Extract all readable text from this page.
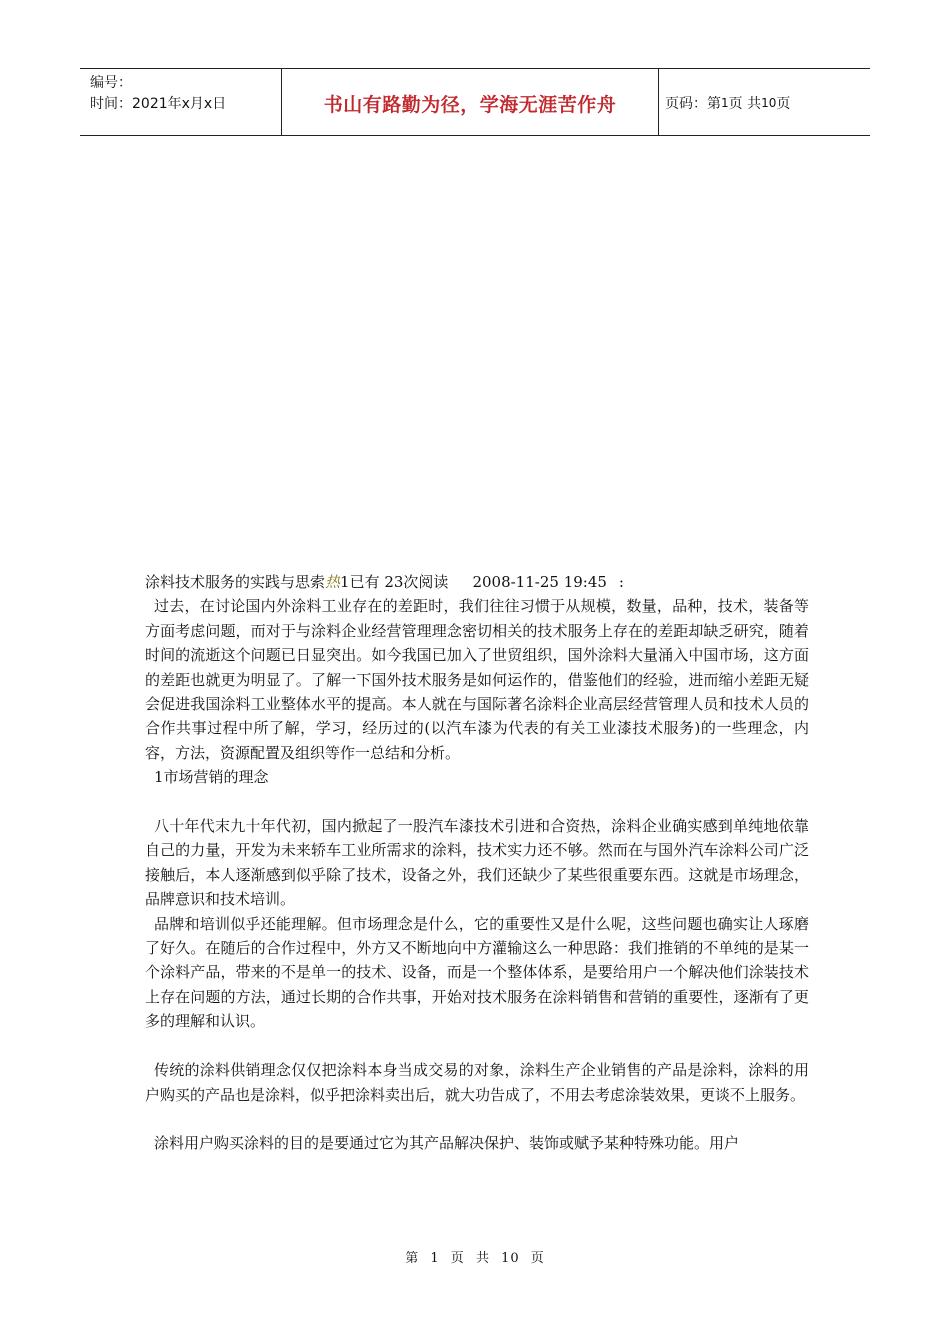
编号：
时间：2021年x月x日	书山有路勤为径，学海无涯苦作舟	页码：第 1 页 共 10 页

涂料技术服务的实践与思索热1已有 23次阅读 2008-11-25 19:45 :

过去，在讨论国内外涂料工业存在的差距时，我们往往习惯于从规模，数量，品种，技术，装备等方面考虑问题，而对于与涂料企业经营管理理念密切相关的技术服务上存在的差距却缺乏研究，随着时间的流逝这个问题已日显突出。如今我国已加入了世贸组织，国外涂料大量涌入中国市场，这方面的差距也就更为明显了。了解一下国外技术服务是如何运作的，借鉴他们的经验，进而缩小差距无疑会促进我国涂料工业整体水平的提高。本人就在与国际著名涂料企业高层经营管理人员和技术人员的合作共事过程中所了解，学习，经历过的(以汽车漆为代表的有关工业漆技术服务)的一些理念，内容，方法，资源配置及组织等作一总结和分析。

1市场营销的理念

八十年代末九十年代初，国内掀起了一股汽车漆技术引进和合资热，涂料企业确实感到单纯地依靠自己的力量，开发为未来轿车工业所需求的涂料，技术实力还不够。然而在与国外汽车涂料公司广泛接触后，本人逐渐感到似乎除了技术，设备之外，我们还缺少了某些很重要东西。这就是市场理念，品牌意识和技术培训。

品牌和培训似乎还能理解。但市场理念是什么，它的重要性又是什么呢，这些问题也确实让人琢磨了好久。在随后的合作过程中，外方又不断地向中方灌输这么一种思路：我们推销的不单纯的是某一个涂料产品，带来的不是单一的技术、设备，而是一个整体体系，是要给用户一个解决他们涂装技术上存在问题的方法，通过长期的合作共事，开始对技术服务在涂料销售和营销的重要性，逐渐有了更多的理解和认识。

传统的涂料供销理念仅仅把涂料本身当成交易的对象，涂料生产企业销售的产品是涂料，涂料的用户购买的产品也是涂料，似乎把涂料卖出后，就大功告成了，不用去考虑涂装效果，更谈不上服务。

涂料用户购买涂料的目的是要通过它为其产品解决保护、装饰或赋予某种特殊功能。用户

第 1 页 共 10 页
